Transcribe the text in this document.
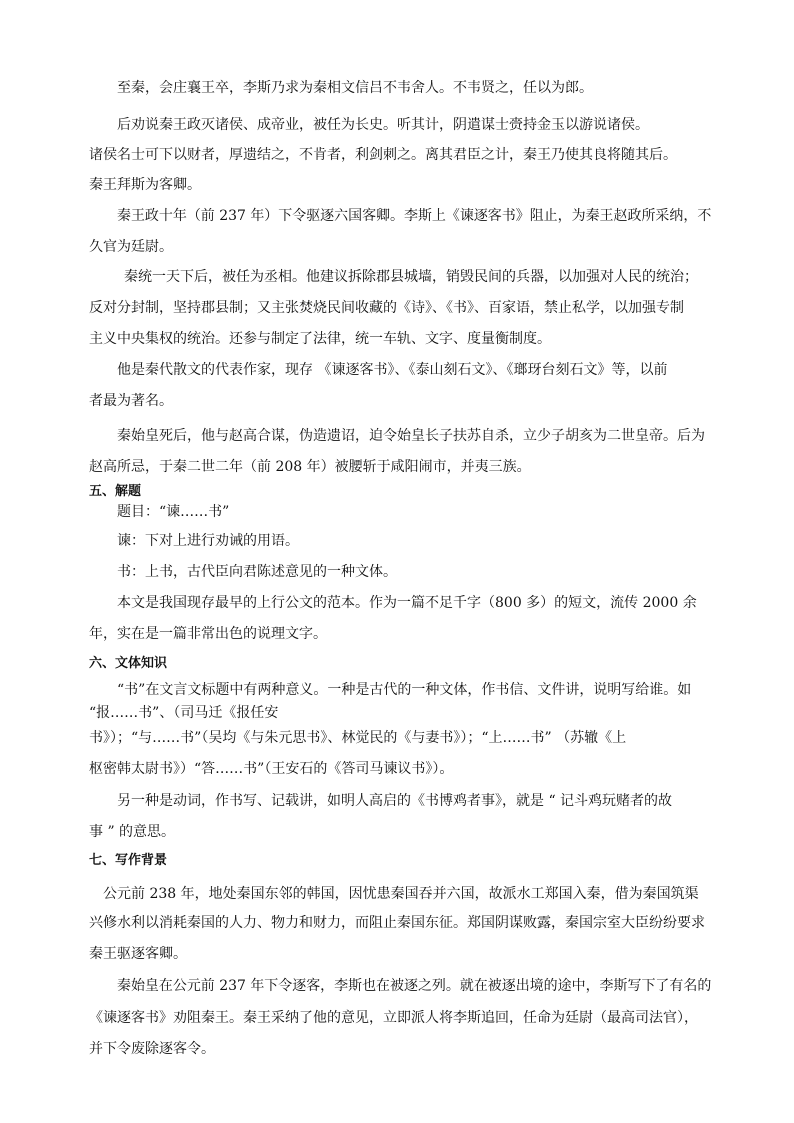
至秦，会庄襄王卒，李斯乃求为秦相文信吕不韦舍人。不韦贤之，任以为郎。
后劝说秦王政灭诸侯、成帝业，被任为长史。听其计，阴遣谋士赍持金玉以游说诸侯。
诸侯名士可下以财者，厚遗结之，不肯者，利剑刺之。离其君臣之计，秦王乃使其良将随其后。
秦王拜斯为客卿。
秦王政十年（前 237 年）下令驱逐六国客卿。李斯上《谏逐客书》阻止，为秦王赵政所采纳，不
久官为廷尉。
秦统一天下后，被任为丞相。他建议拆除郡县城墙，销毁民间的兵器，以加强对人民的统治；
反对分封制，坚持郡县制；又主张焚烧民间收藏的《诗》、《书》、百家语，禁止私学，以加强专制
主义中央集权的统治。还参与制定了法律，统一车轨、文字、度量衡制度。
他是秦代散文的代表作家，现存 《谏逐客书》、《泰山刻石文》、《瑯玡台刻石文》等，以前
者最为著名。
秦始皇死后，他与赵高合谋，伪造遗诏，迫令始皇长子扶苏自杀，立少子胡亥为二世皇帝。后为
赵高所忌，于秦二世二年（前 208 年）被腰斩于咸阳闹市，并夷三族。
五、解题
题目：“谏……书”
谏：下对上进行劝诫的用语。
书：上书，古代臣向君陈述意见的一种文体。
本文是我国现存最早的上行公文的范本。作为一篇不足千字（800 多）的短文，流传 2000 余
年，实在是一篇非常出色的说理文字。
六、文体知识
“书”在文言文标题中有两种意义。一种是古代的一种文体，作书信、文件讲，说明写给谁。如
“报……书”、（司马迁《报任安
书》）；“与……书”（吴均《与朱元思书》、林觉民的《与妻书》）；“上……书” （苏辙《上
枢密韩太尉书》）“答……书”（王安石的《答司马谏议书》）。
另一种是动词，作书写、记载讲，如明人高启的《书博鸡者事》，就是 “ 记斗鸡玩赌者的故
事 ” 的意思。
七、写作背景
公元前 238 年，地处秦国东邻的韩国，因忧患秦国吞并六国，故派水工郑国入秦，借为秦国筑渠
兴修水利以消耗秦国的人力、物力和财力，而阻止秦国东征。郑国阴谋败露，秦国宗室大臣纷纷要求
秦王驱逐客卿。
秦始皇在公元前 237 年下令逐客，李斯也在被逐之列。就在被逐出境的途中，李斯写下了有名的
《谏逐客书》劝阻秦王。秦王采纳了他的意见，立即派人将李斯追回，任命为廷尉（最高司法官），
并下令废除逐客令。
